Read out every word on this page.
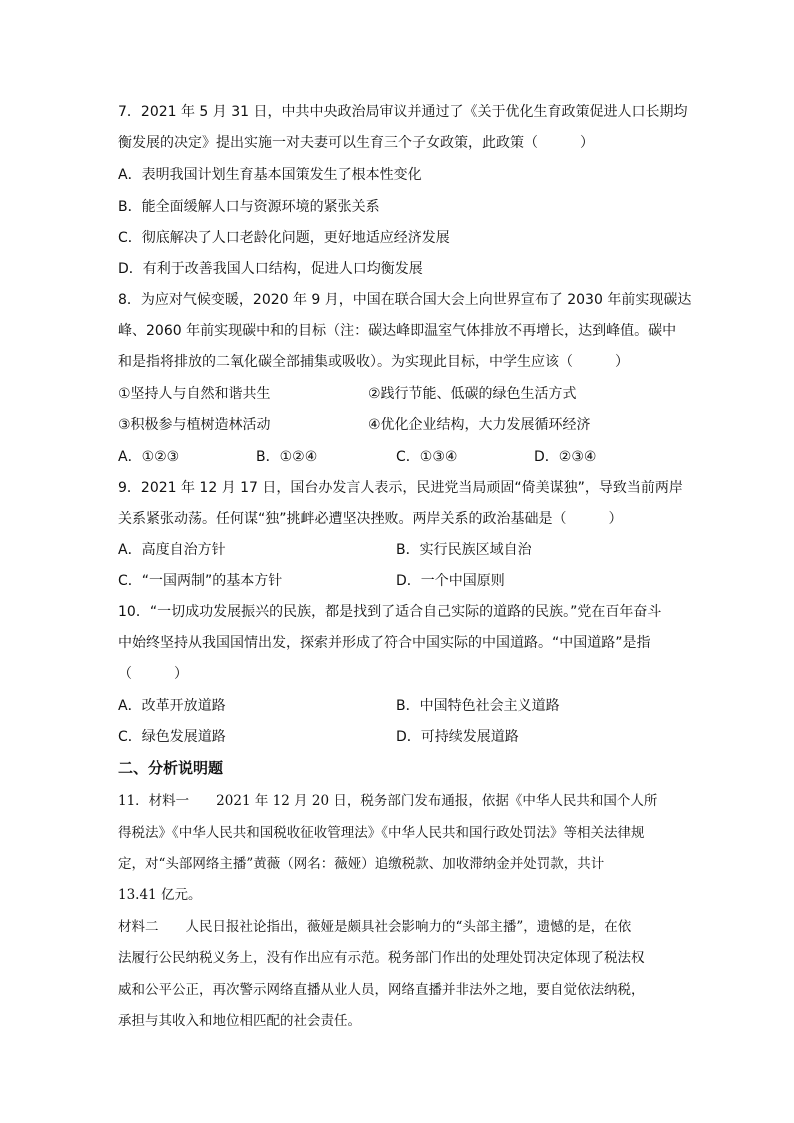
7．2021 年 5 月 31 日，中共中央政治局审议并通过了《关于优化生育政策促进人口长期均
衡发展的决定》提出实施一对夫妻可以生育三个子女政策，此政策（　　　）
A．表明我国计划生育基本国策发生了根本性变化
B．能全面缓解人口与资源环境的紧张关系
C．彻底解决了人口老龄化问题，更好地适应经济发展
D．有利于改善我国人口结构，促进人口均衡发展
8．为应对气候变暖，2020 年 9 月，中国在联合国大会上向世界宣布了 2030 年前实现碳达
峰、2060 年前实现碳中和的目标（注：碳达峰即温室气体排放不再增长，达到峰值。碳中
和是指将排放的二氧化碳全部捕集或吸收）。为实现此目标，中学生应该（　　　）
①坚持人与自然和谐共生	②践行节能、低碳的绿色生活方式
③积极参与植树造林活动	④优化企业结构，大力发展循环经济
A．①②③	B．①②④	C．①③④	D．②③④
9．2021 年 12 月 17 日，国台办发言人表示，民进党当局顽固“倚美谋独”，导致当前两岸
关系紧张动荡。任何谋“独”挑衅必遭坚决挫败。两岸关系的政治基础是（　　　）
A．高度自治方针	B．实行民族区域自治
C．“一国两制”的基本方针	D．一个中国原则
10．“一切成功发展振兴的民族，都是找到了适合自己实际的道路的民族。”党在百年奋斗
中始终坚持从我国国情出发，探索并形成了符合中国实际的中国道路。“中国道路”是指
（　　　）
A．改革开放道路	B．中国特色社会主义道路
C．绿色发展道路	D．可持续发展道路
二、分析说明题
11．材料一　　2021 年 12 月 20 日，税务部门发布通报，依据《中华人民共和国个人所
得税法》《中华人民共和国税收征收管理法》《中华人民共和国行政处罚法》等相关法律规
定，对“头部网络主播”黄薇（网名：薇娅）追缴税款、加收滞纳金并处罚款，共计
13.41 亿元。
材料二　　人民日报社论指出，薇娅是颇具社会影响力的“头部主播”，遗憾的是，在依
法履行公民纳税义务上，没有作出应有示范。税务部门作出的处理处罚决定体现了税法权
威和公平公正，再次警示网络直播从业人员，网络直播并非法外之地，要自觉依法纳税，
承担与其收入和地位相匹配的社会责任。
